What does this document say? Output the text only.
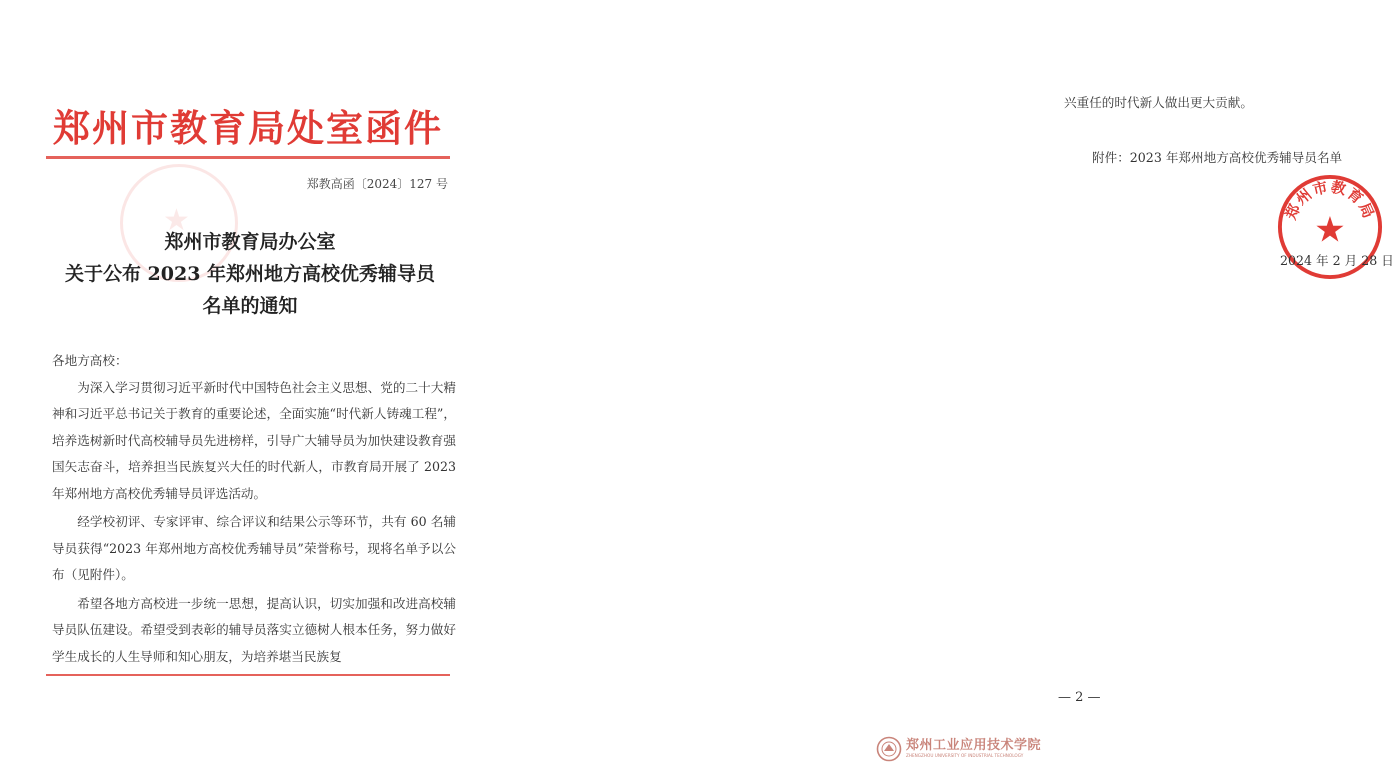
郑州市教育局处室函件
★
郑教高函〔2024〕127 号
郑州市教育局办公室
关于公布 2023 年郑州地方高校优秀辅导员
名单的通知
各地方高校：
为深入学习贯彻习近平新时代中国特色社会主义思想、党的二十大精神和习近平总书记关于教育的重要论述，全面实施“时代新人铸魂工程”，培养选树新时代高校辅导员先进榜样，引导广大辅导员为加快建设教育强国矢志奋斗，培养担当民族复兴大任的时代新人，市教育局开展了 2023 年郑州地方高校优秀辅导员评选活动。
经学校初评、专家评审、综合评议和结果公示等环节，共有 60 名辅导员获得“2023 年郑州地方高校优秀辅导员”荣誉称号，现将名单予以公布（见附件）。
希望各地方高校进一步统一思想，提高认识，切实加强和改进高校辅导员队伍建设。希望受到表彰的辅导员落实立德树人根本任务，努力做好学生成长的人生导师和知心朋友，为培养堪当民族复
兴重任的时代新人做出更大贡献。
附件：2023 年郑州地方高校优秀辅导员名单
郑州市教育局
★
2024 年 2 月 28 日
— 2 —
郑州工业应用技术学院
ZHENGZHOU UNIVERSITY OF INDUSTRIAL TECHNOLOGY
